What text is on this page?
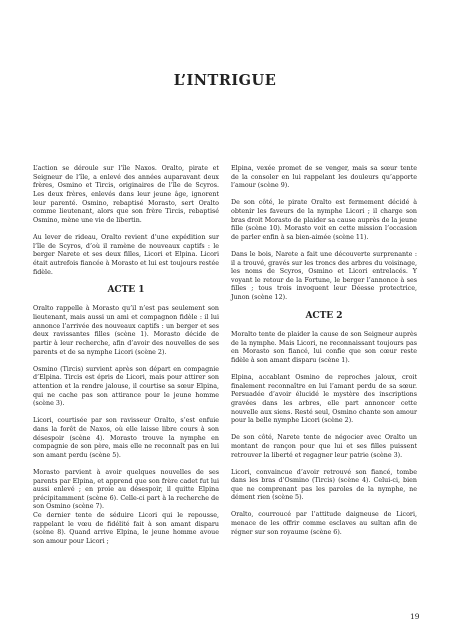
L’INTRIGUE

L’action se déroule sur l’île Naxos. Oralto, pirate et Seigneur de l’île, a enlevé des années auparavant deux frères, Osmino et Tircis, originaires de l’île de Scyros. Les deux frères, enlevés dans leur jeune âge, ignorent leur parenté. Osmino, rebaptisé Morasto, sert Oralto comme lieutenant, alors que son frère Tircis, rebaptisé Osmino, mène une vie de libertin.

Au lever de rideau, Oralto revient d’une expédition sur l’île de Scyros, d’où il ramène de nouveaux captifs : le berger Narete et ses deux filles, Licori et Elpina. Licori était autrefois fiancée à Morasto et lui est toujours restée fidèle.

ACTE 1

Oralto rappelle à Morasto qu’il n’est pas seulement son lieutenant, mais aussi un ami et compagnon fidèle : il lui annonce l’arrivée des nouveaux captifs : un berger et ses deux ravissantes filles (scène 1). Morasto décide de partir à leur recherche, afin d’avoir des nouvelles de ses parents et de sa nymphe Licori (scène 2).

Osmino (Tircis) survient après son départ en compagnie d’Elpina. Tircis est épris de Licori, mais pour attirer son attention et la rendre jalouse, il courtise sa sœur Elpina, qui ne cache pas son attirance pour le jeune homme (scène 3).

Licori, courtisée par son ravisseur Oralto, s’est enfuie dans la forêt de Naxos, où elle laisse libre cours à son désespoir (scène 4). Morasto trouve la nymphe en compagnie de son père, mais elle ne reconnaît pas en lui son amant perdu (scène 5).

Morasto parvient à avoir quelques nouvelles de ses parents par Elpina, et apprend que son frère cadet fut lui aussi enlevé ; en proie au désespoir, il quitte Elpina précipitamment (scène 6). Celle-ci part à la recherche de son Osmino (scène 7).

Ce dernier tente de séduire Licori qui le repousse, rappelant le vœu de fidélité fait à son amant disparu (scène 8). Quand arrive Elpina, le jeune homme avoue son amour pour Licori ;

Elpina, vexée promet de se venger, mais sa sœur tente de la consoler en lui rappelant les douleurs qu’apporte l’amour (scène 9).

De son côté, le pirate Oralto est fermement décidé à obtenir les faveurs de la nymphe Licori ; il charge son bras droit Morasto de plaider sa cause auprès de la jeune fille (scène 10). Morasto voit en cette mission l’occasion de parler enfin à sa bien-aimée (scène 11).

Dans le bois, Narete a fait une découverte surprenante : il a trouvé, gravés sur les troncs des arbres du voisinage, les noms de Scyros, Osmino et Licori entrelacés. Y voyant le retour de la Fortune, le berger l’annonce à ses filles ; tous trois invoquent leur Déesse protectrice, Junon (scène 12).

ACTE 2

Moralto tente de plaider la cause de son Seigneur auprès de la nymphe. Mais Licori, ne reconnaissant toujours pas en Morasto son fiancé, lui confie que son cœur reste fidèle à son amant disparu (scène 1).

Elpina, accablant Osmino de reproches jaloux, croit finalement reconnaître en lui l’amant perdu de sa sœur. Persuadée d’avoir élucidé le mystère des inscriptions gravées dans les arbres, elle part annoncer cette nouvelle aux siens. Resté seul, Osmino chante son amour pour la belle nymphe Licori (scène 2).

De son côté, Narete tente de négocier avec Oralto un montant de rançon pour que lui et ses filles puissent retrouver la liberté et regagner leur patrie (scène 3).

Licori, convaincue d’avoir retrouvé son fiancé, tombe dans les bras d’Osmino (Tircis) (scène 4). Celui-ci, bien que ne comprenant pas les paroles de la nymphe, ne dément rien (scène 5).

Oralto, courroucé par l’attitude daigneuse de Licori, menace de les offrir comme esclaves au sultan afin de régner sur son royaume (scène 6).

19
